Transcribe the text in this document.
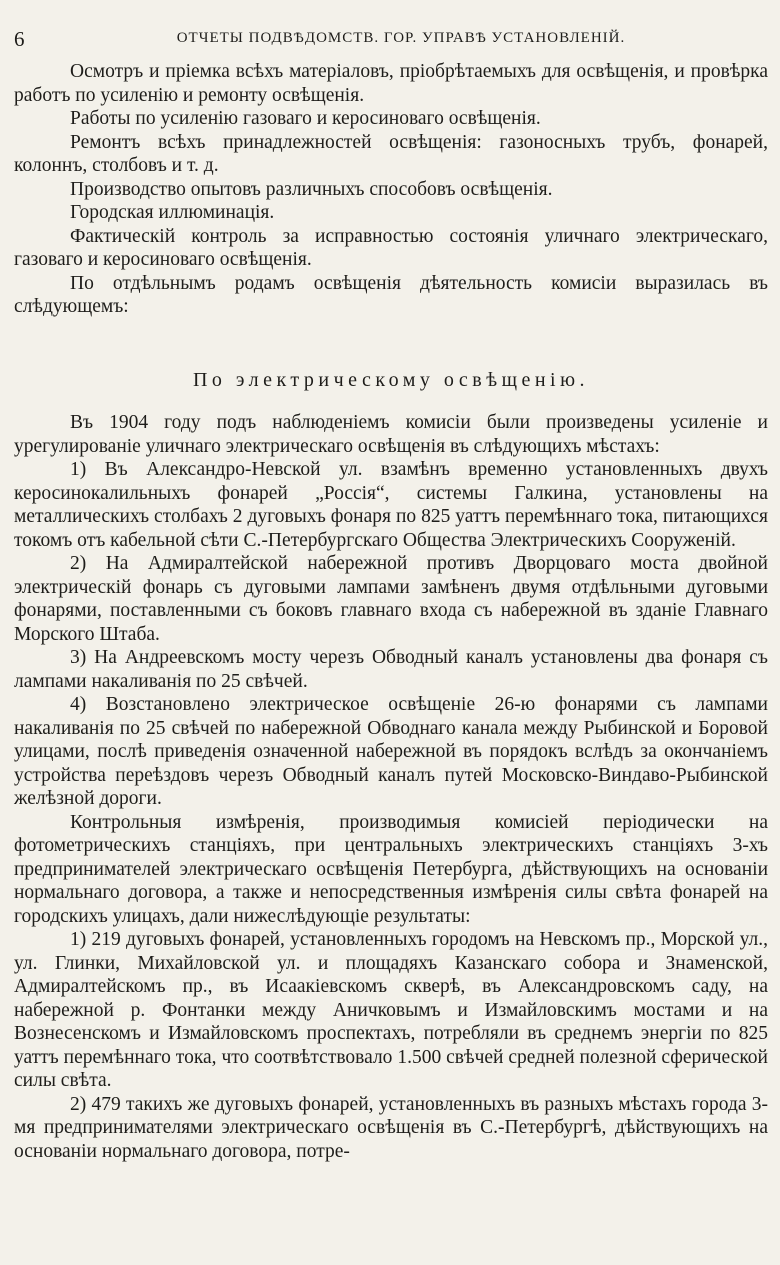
6	ОТЧЕТЫ ПОДВѢДОМСТВ. ГОР. УПРАВѢ УСТАНОВЛЕНІЙ.

Осмотръ и пріемка всѣхъ матеріаловъ, пріобрѣтаемыхъ для освѣщенія, и провѣрка работъ по усиленію и ремонту освѣщенія.

Работы по усиленію газоваго и керосиноваго освѣщенія.

Ремонтъ всѣхъ принадлежностей освѣщенія: газоносныхъ трубъ, фонарей, колоннъ, столбовъ и т. д.

Производство опытовъ различныхъ способовъ освѣщенія.

Городская иллюминація.

Фактическій контроль за исправностью состоянія уличнаго электрическаго, газоваго и керосиноваго освѣщенія.

По отдѣльнымъ родамъ освѣщенія дѣятельность комисіи выразилась въ слѣдующемъ:

По электрическому освѣщенію.

Въ 1904 году подъ наблюденіемъ комисіи были произведены усиленіе и урегулированіе уличнаго электрическаго освѣщенія въ слѣдующихъ мѣстахъ:

1) Въ Александро-Невской ул. взамѣнъ временно установленныхъ двухъ керосинокалильныхъ фонарей „Россія“, системы Галкина, установлены на металлическихъ столбахъ 2 дуговыхъ фонаря по 825 уаттъ перемѣннаго тока, питающихся токомъ отъ кабельной сѣти С.-Петербургскаго Общества Электрическихъ Сооруженій.

2) На Адмиралтейской набережной противъ Дворцоваго моста двойной электрическій фонарь съ дуговыми лампами замѣненъ двумя отдѣльными дуговыми фонарями, поставленными съ боковъ главнаго входа съ набережной въ зданіе Главнаго Морского Штаба.

3) На Андреевскомъ мосту черезъ Обводный каналъ установлены два фонаря съ лампами накаливанія по 25 свѣчей.

4) Возстановлено электрическое освѣщеніе 26-ю фонарями съ лампами накаливанія по 25 свѣчей по набережной Обводнаго канала между Рыбинской и Боровой улицами, послѣ приведенія означенной набережной въ порядокъ вслѣдъ за окончаніемъ устройства переѣздовъ черезъ Обводный каналъ путей Московско-Виндаво-Рыбинской желѣзной дороги.

Контрольныя измѣренія, производимыя комисіей періодически на фотометрическихъ станціяхъ, при центральныхъ электрическихъ станціяхъ 3-хъ предпринимателей электрическаго освѣщенія Петербурга, дѣйствующихъ на основаніи нормальнаго договора, а также и непосредственныя измѣренія силы свѣта фонарей на городскихъ улицахъ, дали нижеслѣдующіе результаты:

1) 219 дуговыхъ фонарей, установленныхъ городомъ на Невскомъ пр., Морской ул., ул. Глинки, Михайловской ул. и площадяхъ Казанскаго собора и Знаменской, Адмиралтейскомъ пр., въ Исаакіевскомъ скверѣ, въ Александровскомъ саду, на набережной р. Фонтанки между Аничковымъ и Измайловскимъ мостами и на Вознесенскомъ и Измайловскомъ проспектахъ, потребляли въ среднемъ энергіи по 825 уаттъ перемѣннаго тока, что соотвѣтствовало 1.500 свѣчей средней полезной сферической силы свѣта.

2) 479 такихъ же дуговыхъ фонарей, установленныхъ въ разныхъ мѣстахъ города 3-мя предпринимателями электрическаго освѣщенія въ С.-Петербургѣ, дѣйствующихъ на основаніи нормальнаго договора, потре-
